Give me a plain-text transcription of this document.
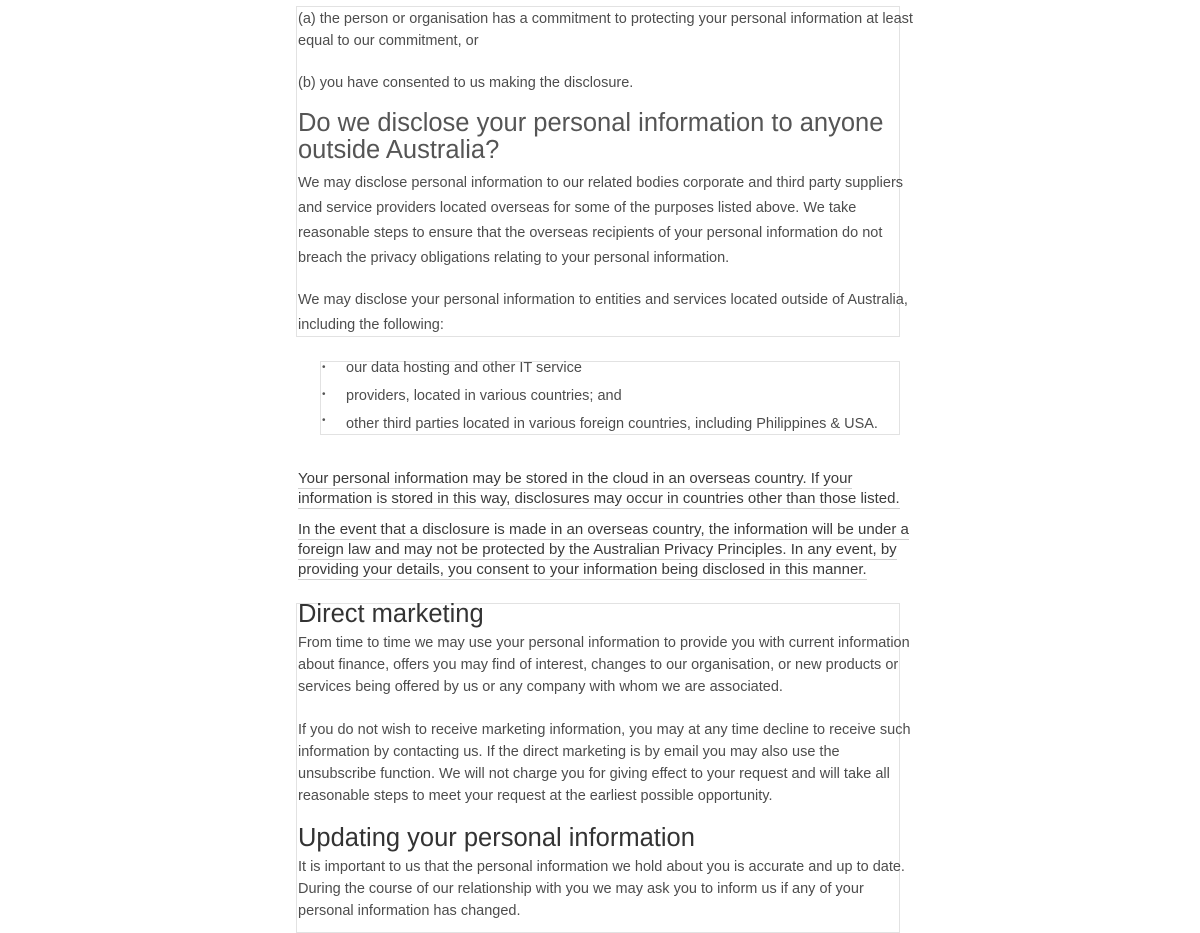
(a) the person or organisation has a commitment to protecting your personal information at least
equal to our commitment, or

(b) you have consented to us making the disclosure.

Do we disclose your personal information to anyone
outside Australia?

We may disclose personal information to our related bodies corporate and third party suppliers
and service providers located overseas for some of the purposes listed above. We take
reasonable steps to ensure that the overseas recipients of your personal information do not
breach the privacy obligations relating to your personal information.

We may disclose your personal information to entities and services located outside of Australia,
including the following:

• our data hosting and other IT service
• providers, located in various countries; and
• other third parties located in various foreign countries, including Philippines & USA.
Your personal information may be stored in the cloud in an overseas country. If your
information is stored in this way, disclosures may occur in countries other than those listed.
In the event that a disclosure is made in an overseas country, the information will be under a
foreign law and may not be protected by the Australian Privacy Principles. In any event, by
providing your details, you consent to your information being disclosed in this manner.
Direct marketing

From time to time we may use your personal information to provide you with current information
about finance, offers you may find of interest, changes to our organisation, or new products or
services being offered by us or any company with whom we are associated.

If you do not wish to receive marketing information, you may at any time decline to receive such
information by contacting us. If the direct marketing is by email you may also use the
unsubscribe function. We will not charge you for giving effect to your request and will take all
reasonable steps to meet your request at the earliest possible opportunity.

Updating your personal information

It is important to us that the personal information we hold about you is accurate and up to date.
During the course of our relationship with you we may ask you to inform us if any of your
personal information has changed.
